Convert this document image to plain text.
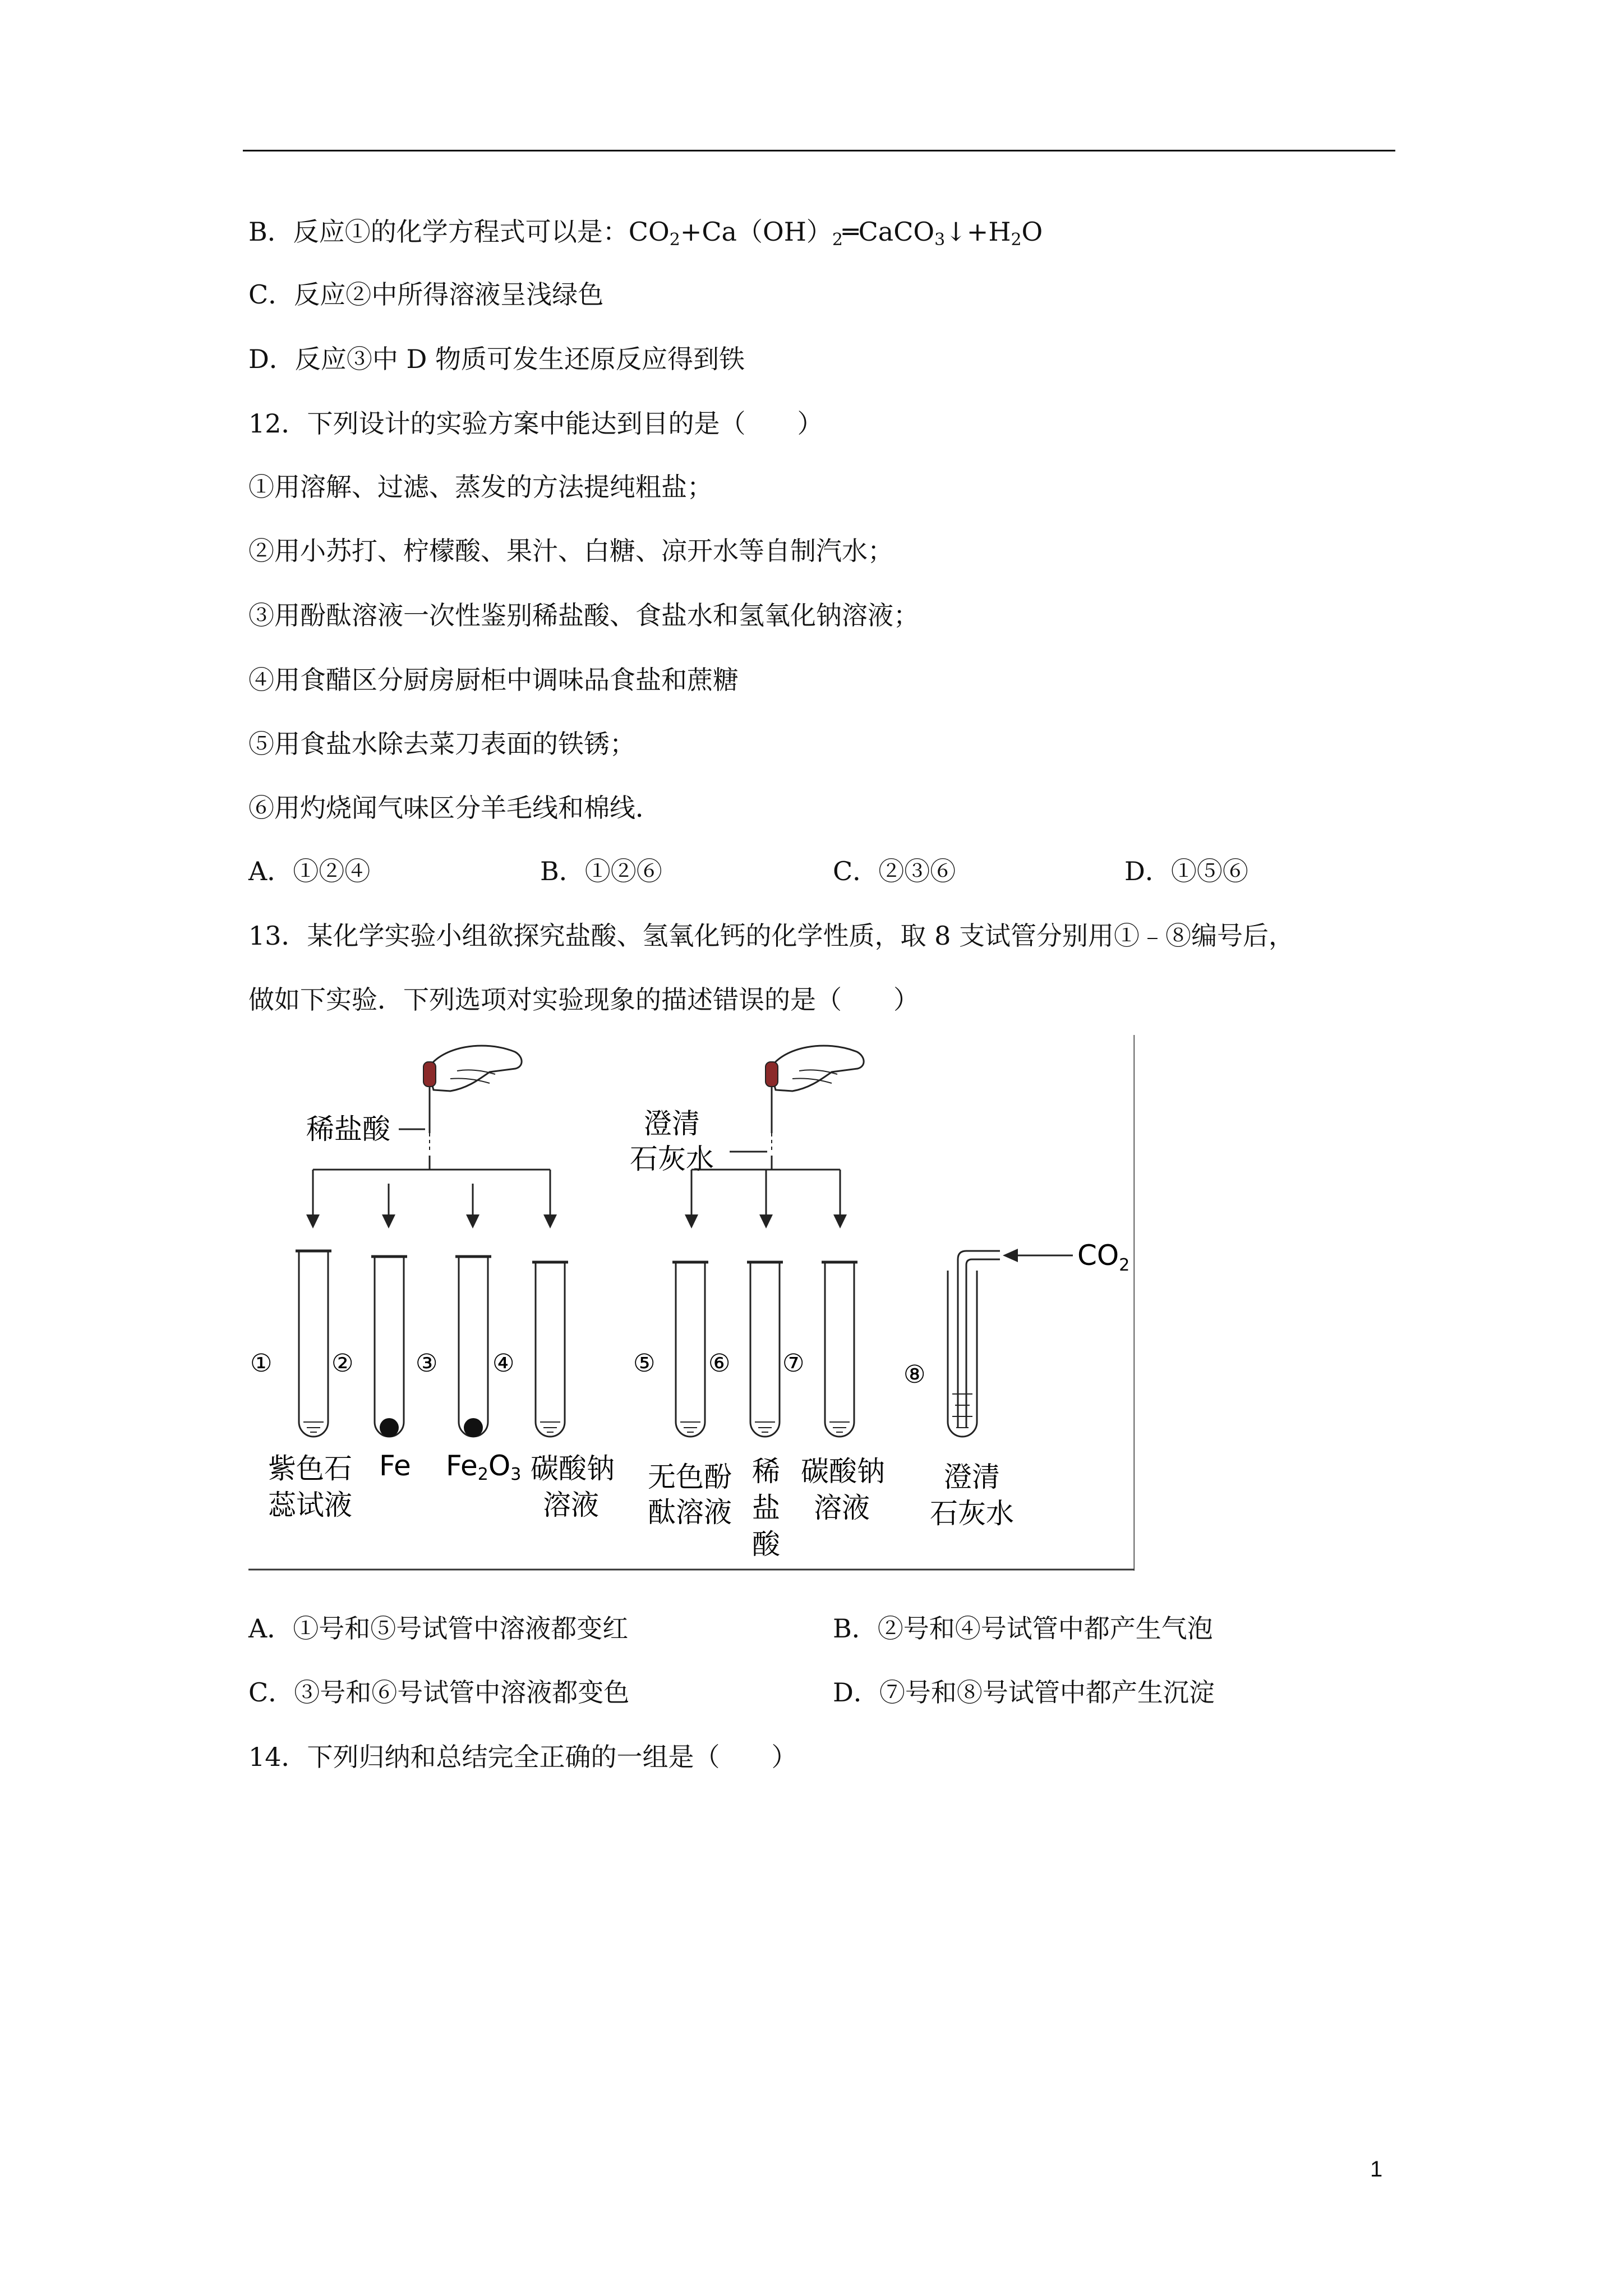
B．反应①的化学方程式可以是：$CO_2+Ca(OH)_2═CaCO_3↓+H_2O$
C．反应②中所得溶液呈浅绿色
D．反应③中 D 物质可发生还原反应得到铁
12．下列设计的实验方案中能达到目的是（　　）
①用溶解、过滤、蒸发的方法提纯粗盐；
②用小苏打、柠檬酸、果汁、白糖、凉开水等自制汽水；
③用酚酞溶液一次性鉴别稀盐酸、食盐水和氢氧化钠溶液；
④用食醋区分厨房厨柜中调味品食盐和蔗糖
⑤用食盐水除去菜刀表面的铁锈；
⑥用灼烧闻气味区分羊毛线和棉线．
A．①②④	B．①②⑥	C．②③⑥	D．①⑤⑥
13．某化学实验小组欲探究盐酸、氢氧化钙的化学性质，取 8 支试管分别用①﹣⑧编号后，
做如下实验．下列选项对实验现象的描述错误的是（　　）
稀盐酸	澄清
石灰水
$CO_2$
① ②	③ ④	⑤ ⑥ ⑦	⑧
紫色石
蕊试液
Fe Fe2O3 碳酸钠
溶液
无色酚
酞溶液
稀
盐
酸
碳酸钠
溶液
澄清
石灰水
A．①号和⑤号试管中溶液都变红	B．②号和④号试管中都产生气泡
C．③号和⑥号试管中溶液都变色	D．⑦号和⑧号试管中都产生沉淀
14．下列归纳和总结完全正确的一组是（　　）
1
